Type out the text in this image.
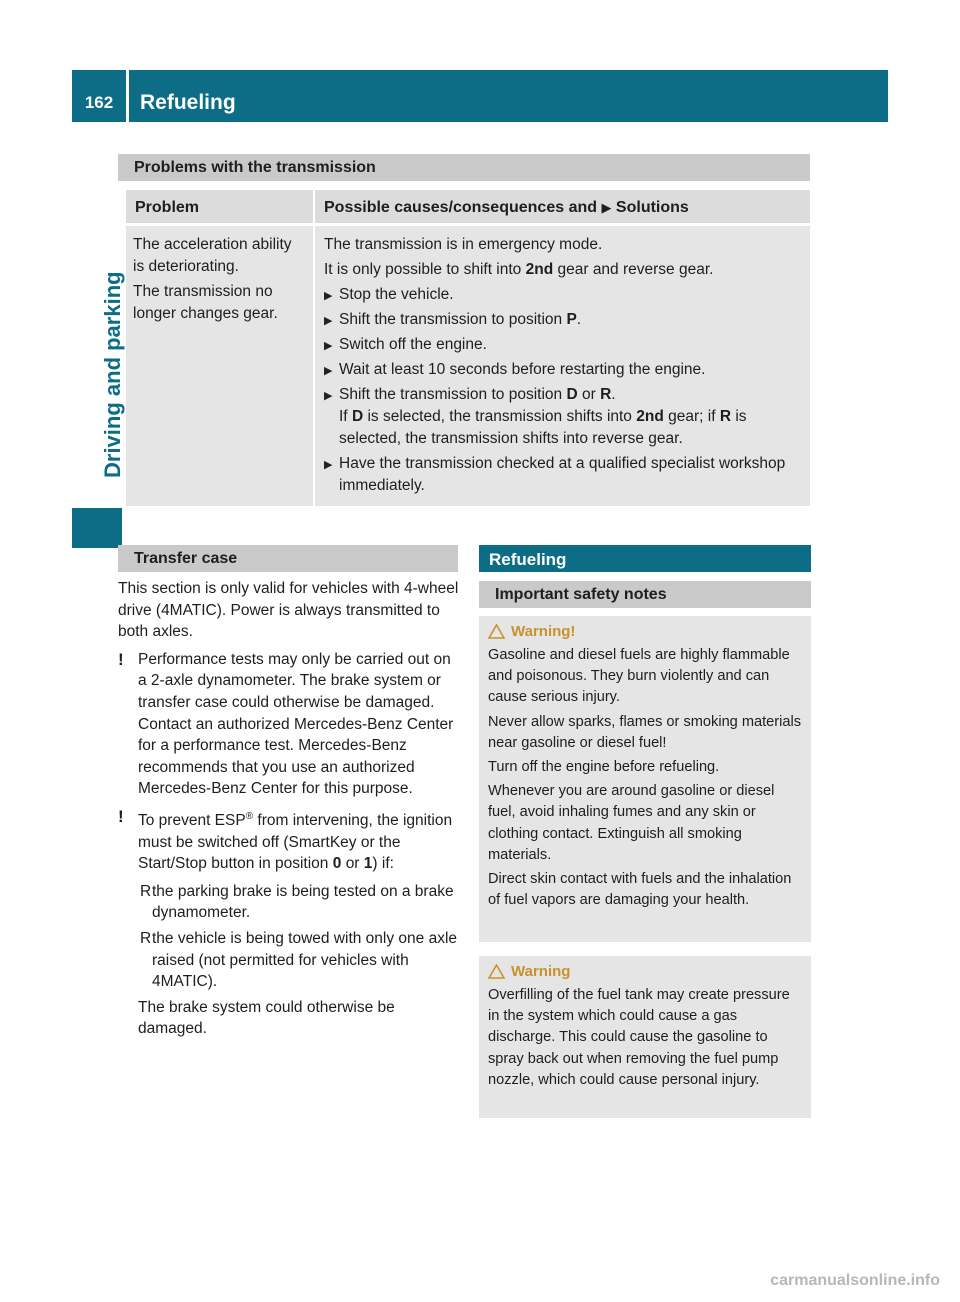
162	Refueling
Driving and parking
Problems with the transmission
Problem	Possible causes/consequences and ▶ Solutions

The acceleration ability is deteriorating.

The transmission no longer changes gear.

The transmission is in emergency mode.

It is only possible to shift into 2nd gear and reverse gear.

▶ Stop the vehicle.
▶ Shift the transmission to position P.
▶ Switch off the engine.
▶ Wait at least 10 seconds before restarting the engine.
▶ Shift the transmission to position D or R.
If D is selected, the transmission shifts into 2nd gear; if R is selected, the transmission shifts into reverse gear.
▶ Have the transmission checked at a qualified specialist workshop immediately.
Transfer case

This section is only valid for vehicles with 4-wheel drive (4MATIC). Power is always transmitted to both axles.

! Performance tests may only be carried out on a 2-axle dynamometer. The brake system or transfer case could otherwise be damaged. Contact an authorized Mercedes-Benz Center for a performance test. Mercedes-Benz recommends that you use an authorized Mercedes-Benz Center for this purpose.
! To prevent ESP® from intervening, the ignition must be switched off (SmartKey or the Start/Stop button in position 0 or 1) if:
R the parking brake is being tested on a brake dynamometer.
R the vehicle is being towed with only one axle raised (not permitted for vehicles with 4MATIC).

The brake system could otherwise be damaged.

Refueling
Important safety notes
Warning!

Gasoline and diesel fuels are highly flammable and poisonous. They burn violently and can cause serious injury.

Never allow sparks, flames or smoking materials near gasoline or diesel fuel!

Turn off the engine before refueling.

Whenever you are around gasoline or diesel fuel, avoid inhaling fumes and any skin or clothing contact. Extinguish all smoking materials.

Direct skin contact with fuels and the inhalation of fuel vapors are damaging your health.

Warning

Overfilling of the fuel tank may create pressure in the system which could cause a gas discharge. This could cause the gasoline to spray back out when removing the fuel pump nozzle, which could cause personal injury.

carmanualsonline.info
